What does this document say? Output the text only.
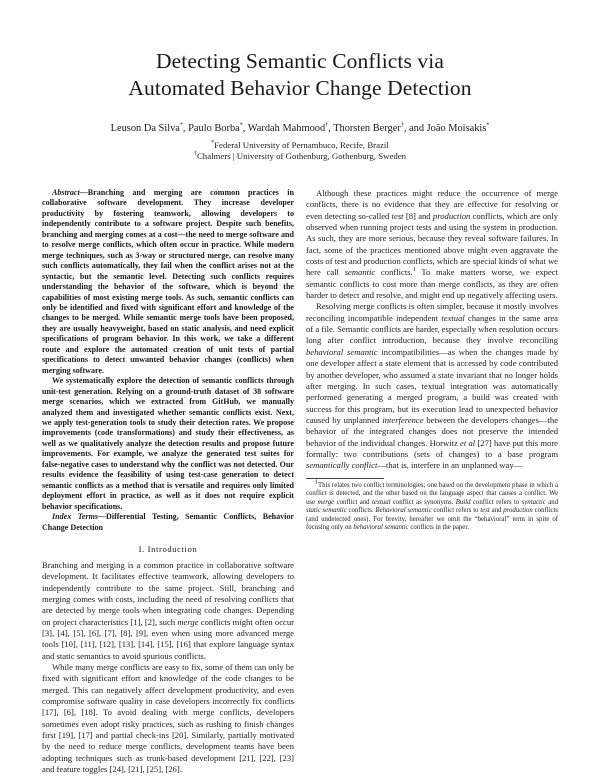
Detecting Semantic Conflicts via
Automated Behavior Change Detection
Leuson Da Silva*, Paulo Borba*, Wardah Mahmood†, Thorsten Berger†, and João Moisakis*
*Federal University of Pernambuco, Recife, Brazil
†Chalmers | University of Gothenburg, Gothenburg, Sweden

Abstract—Branching and merging are common practices in collaborative software development. They increase developer productivity by fostering teamwork, allowing developers to independently contribute to a software project. Despite such benefits, branching and merging comes at a cost—the need to merge software and to resolve merge conflicts, which often occur in practice. While modern merge techniques, such as 3-way or structured merge, can resolve many such conflicts automatically, they fail when the conflict arises not at the syntactic, but the semantic level. Detecting such conflicts requires understanding the behavior of the software, which is beyond the capabilities of most existing merge tools. As such, semantic conflicts can only be identified and fixed with significant effort and knowledge of the changes to be merged. While semantic merge tools have been proposed, they are usually heavyweight, based on static analysis, and need explicit specifications of program behavior. In this work, we take a different route and explore the automated creation of unit tests of partial specifications to detect unwanted behavior changes (conflicts) when merging software.

We systematically explore the detection of semantic conflicts through unit-test generation. Relying on a ground-truth dataset of 38 software merge scenarios, which we extracted from GitHub, we manually analyzed them and investigated whether semantic conflicts exist. Next, we apply test-generation tools to study their detection rates. We propose improvements (code transformations) and study their effectiveness, as well as we qualitatively analyze the detection results and propose future improvements. For example, we analyze the generated test suites for false-negative cases to understand why the conflict was not detected. Our results evidence the feasibility of using test-case generation to detect semantic conflicts as a method that is versatile and requires only limited deployment effort in practice, as well as it does not require explicit behavior specifications.

Index Terms—Differential Testing, Semantic Conflicts, Behavior Change Detection

I. Introduction

Branching and merging is a common practice in collaborative software development. It facilitates effective teamwork, allowing developers to independently contribute to the same project. Still, branching and merging comes with costs, including the need of resolving conflicts that are detected by merge tools when integrating code changes. Depending on project characteristics [1], [2], such merge conflicts might often occur [3], [4], [5], [6], [7], [8], [9], even when using more advanced merge tools [10], [11], [12], [13], [14], [15], [16] that explore language syntax and static semantics to avoid spurious conflicts.

While many merge conflicts are easy to fix, some of them can only be fixed with significant effort and knowledge of the code changes to be merged. This can negatively affect development productivity, and even compromise software quality in case developers incorrectly fix conflicts [17], [6], [18]. To avoid dealing with merge conflicts, developers sometimes even adopt risky practices, such as rushing to finish changes first [19], [17] and partial check-ins [20]. Similarly, partially motivated by the need to reduce merge conflicts, development teams have been adopting techniques such as trunk-based development [21], [22], [23] and feature toggles [24], [21], [25], [26].

Although these practices might reduce the occurrence of merge conflicts, there is no evidence that they are effective for resolving or even detecting so-called test [8] and production conflicts, which are only observed when running project tests and using the system in production. As such, they are more serious, because they reveal software failures. In fact, some of the practices mentioned above might even aggravate the costs of test and production conflicts, which are special kinds of what we here call semantic conflicts.$^1$ To make matters worse, we expect semantic conflicts to cost more than merge conflicts, as they are often harder to detect and resolve, and might end up negatively affecting users.

Resolving merge conflicts is often simpler, because it mostly involves reconciling incompatible independent textual changes in the same area of a file. Semantic conflicts are harder, especially when resolution occurs long after conflict introduction, because they involve reconciling behavioral semantic incompatibilities—as when the changes made by one developer affect a state element that is accessed by code contributed by another developer, who assumed a state invariant that no longer holds after merging. In such cases, textual integration was automatically performed generating a merged program, a build was created with success for this program, but its execution lead to unexpected behavior caused by unplanned interference between the developers changes—the behavior of the integrated changes does not preserve the intended behavior of the individual changes. Horwitz et al [27] have put this more formally: two contributions (sets of changes) to a base program semantically conflict—that is, interfere in an unplanned way—

$^1$This relates two conflict terminologies; one based on the development phase in which a conflict is detected, and the other based on the language aspect that causes a conflict. We use merge conflict and textual conflict as synonyms. Build conflict refers to syntactic and static semantic conflicts. Behavioral semantic conflict refers to test and production conflicts (and undetected ones). For brevity, hereafter we omit the “behavioral” term in spite of focusing only on behavioral semantic conflicts in the paper.
